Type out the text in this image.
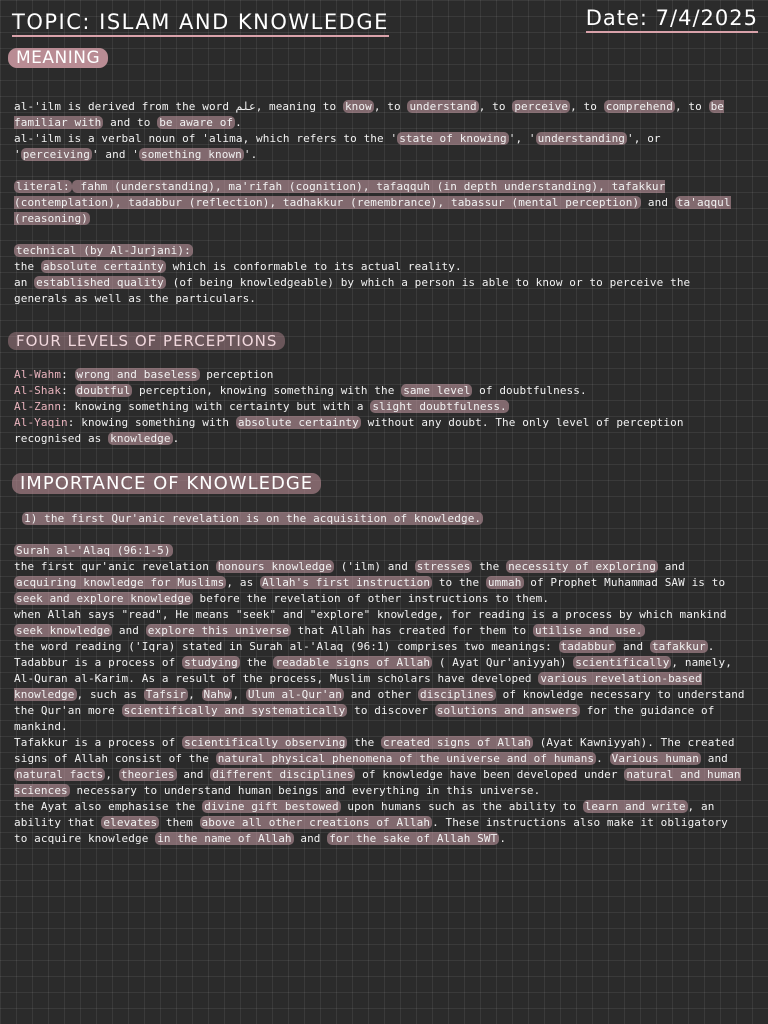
TOPIC: ISLAM AND KNOWLEDGE	Date: 7/4/2025
MEANING

al-'ilm is derived from the word علم, meaning to know , to understand , to perceive , to comprehend , to be familiar with and to be aware of .

al-'ilm is a verbal noun of 'alima, which refers to the ' state of knowing ', ' understanding ', or ' perceiving ' and ' something known '.

literal: fahm (understanding), ma'rifah (cognition), tafaqquh (in depth understanding), tafakkur (contemplation), tadabbur (reflection), tadhakkur (remembrance), tabassur (mental perception) and ta'aqqul (reasoning)

technical (by Al-Jurjani):

the absolute certainty which is conformable to its actual reality.

an established quality (of being knowledgeable) by which a person is able to know or to perceive the generals as well as the particulars.

FOUR LEVELS OF PERCEPTIONS

Al-Wahm: wrong and baseless perception

Al-Shak: doubtful perception, knowing something with the same level of doubtfulness.

Al-Zann: knowing something with certainty but with a slight doubtfulness.

Al-Yaqin: knowing something with absolute certainty without any doubt. The only level of perception recognised as knowledge .

IMPORTANCE OF KNOWLEDGE

1) the first Qur'anic revelation is on the acquisition of knowledge.

Surah al-'Alaq (96:1-5)

the first qur'anic revelation honours knowledge ('ilm) and stresses the necessity of exploring and acquiring knowledge for Muslims , as Allah's first instruction to the ummah of Prophet Muhammad SAW is to seek and explore knowledge before the revelation of other instructions to them.

when Allah says "read", He means "seek" and "explore" knowledge, for reading is a process by which mankind seek knowledge and explore this universe that Allah has created for them to utilise and use.

the word reading ('Iqra) stated in Surah al-'Alaq (96:1) comprises two meanings: tadabbur and tafakkur .

Tadabbur is a process of studying the readable signs of Allah ( Ayat Qur'aniyyah) scientifically , namely, Al-Quran al-Karim. As a result of the process, Muslim scholars have developed various revelation-based knowledge , such as Tafsir , Nahw , Ulum al-Qur'an and other disciplines of knowledge necessary to understand the Qur'an more scientifically and systematically to discover solutions and answers for the guidance of mankind.

Tafakkur is a process of scientifically observing the created signs of Allah (Ayat Kawniyyah). The created signs of Allah consist of the natural physical phenomena of the universe and of humans . Various human and natural facts , theories and different disciplines of knowledge have been developed under natural and human sciences necessary to understand human beings and everything in this universe.

the Ayat also emphasise the divine gift bestowed upon humans such as the ability to learn and write , an ability that elevates them above all other creations of Allah . These instructions also make it obligatory to acquire knowledge in the name of Allah and for the sake of Allah SWT .
